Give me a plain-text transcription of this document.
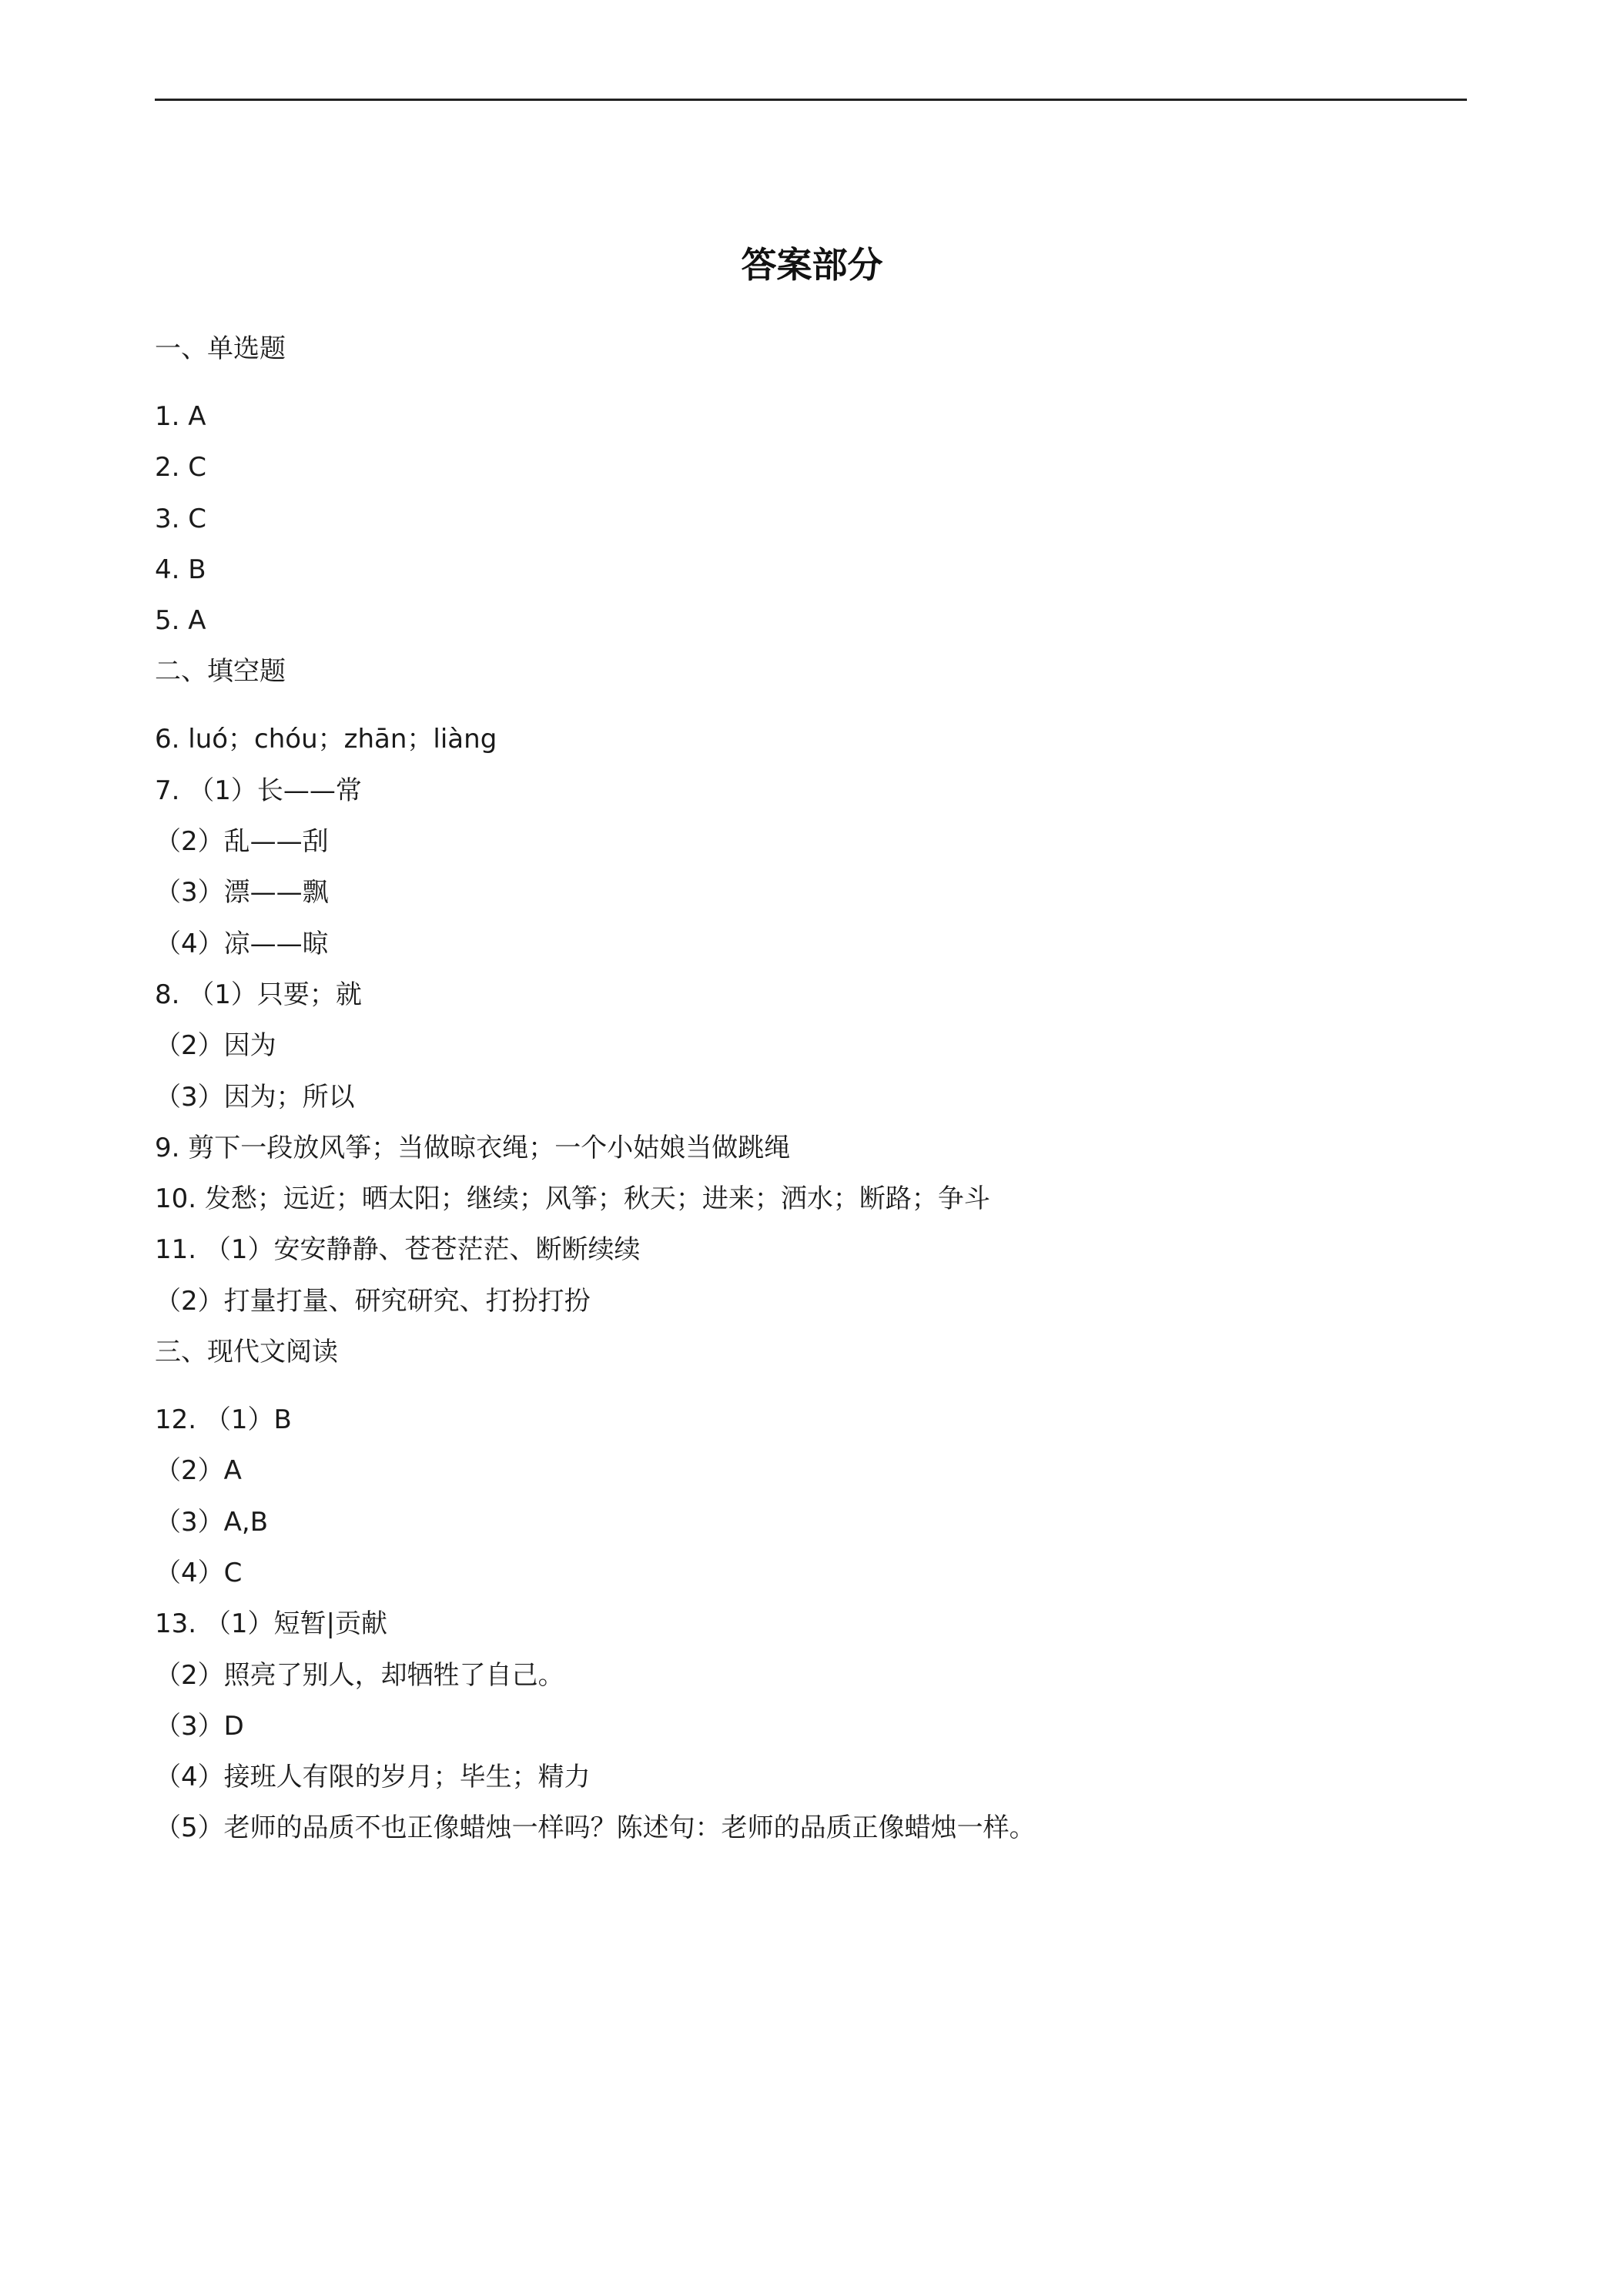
答案部分
一、单选题
1. A
2. C
3. C
4. B
5. A
二、填空题
6. luó；chóu；zhān；liàng
7. （1）长——常
（2）乱——刮
（3）漂——飘
（4）凉——晾
8. （1）只要；就
（2）因为
（3）因为；所以
9. 剪下一段放风筝；当做晾衣绳；一个小姑娘当做跳绳
10. 发愁；远近；晒太阳；继续；风筝；秋天；进来；洒水；断路；争斗
11. （1）安安静静、苍苍茫茫、断断续续
（2）打量打量、研究研究、打扮打扮
三、现代文阅读
12. （1）B
（2）A
（3）A,B
（4）C
13. （1）短暂|贡献
（2）照亮了别人，却牺牲了自己。
（3）D
（4）接班人有限的岁月；毕生；精力
（5）老师的品质不也正像蜡烛一样吗？陈述句：老师的品质正像蜡烛一样。
